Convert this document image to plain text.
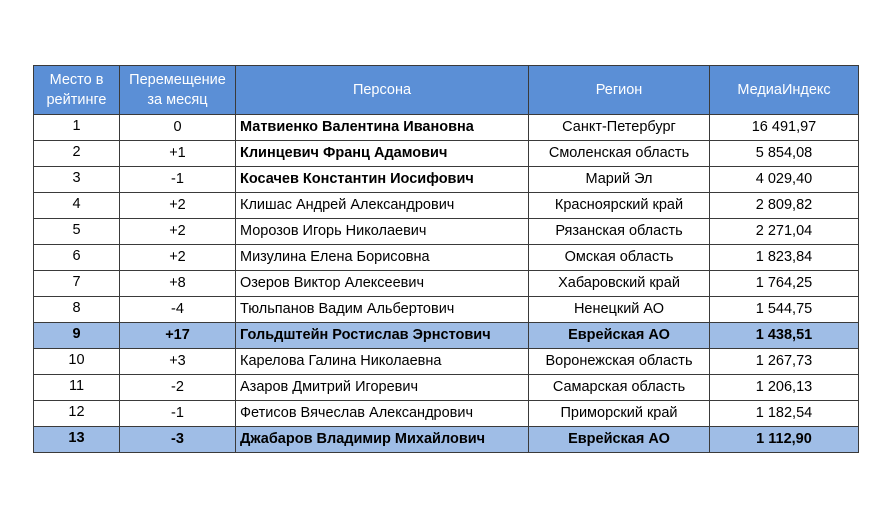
Место в рейтинге	Перемещение за месяц	Персона	Регион	МедиаИндекс
1	0	Матвиенко Валентина Ивановна	Санкт-Петербург	16 491,97
2	+1	Клинцевич Франц Адамович	Смоленская область	5 854,08
3	-1	Косачев Константин Иосифович	Марий Эл	4 029,40
4	+2	Клишас Андрей Александрович	Красноярский край	2 809,82
5	+2	Морозов Игорь Николаевич	Рязанская область	2 271,04
6	+2	Мизулина Елена Борисовна	Омская область	1 823,84
7	+8	Озеров Виктор Алексеевич	Хабаровский край	1 764,25
8	-4	Тюльпанов Вадим Альбертович	Ненецкий АО	1 544,75
9	+17	Гольдштейн Ростислав Эрнстович	Еврейская АО	1 438,51
10	+3	Карелова Галина Николаевна	Воронежская область	1 267,73
11	-2	Азаров Дмитрий Игоревич	Самарская область	1 206,13
12	-1	Фетисов Вячеслав Александрович	Приморский край	1 182,54
13	-3	Джабаров Владимир Михайлович	Еврейская АО	1 112,90
